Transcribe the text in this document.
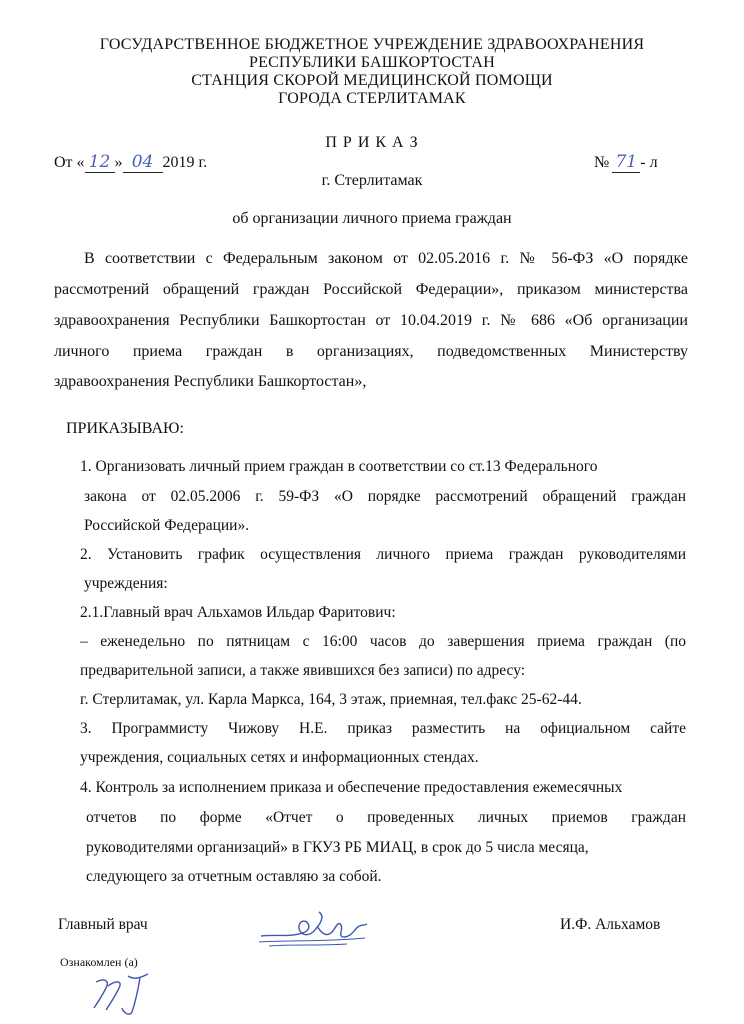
ГОСУДАРСТВЕННОЕ БЮДЖЕТНОЕ УЧРЕЖДЕНИЕ ЗДРАВООХРАНЕНИЯ
РЕСПУБЛИКИ БАШКОРТОСТАН
СТАНЦИЯ СКОРОЙ МЕДИЦИНСКОЙ ПОМОЩИ
ГОРОДА СТЕРЛИТАМАК
П Р И К А З
От « 12 » 04 2019 г.	№ 71 - л
г. Стерлитамак
об организации личного приема граждан
В соответствии с Федеральным законом от 02.05.2016 г. № 56-ФЗ «О порядке
рассмотрений обращений граждан Российской Федерации», приказом министерства
здравоохранения Республики Башкортостан от 10.04.2019 г. № 686 «Об организации
личного приема граждан в организациях, подведомственных Министерству
здравоохранения Республики Башкортостан»,
ПРИКАЗЫВАЮ:
1. Организовать личный прием граждан в соответствии со ст.13 Федерального
закона от 02.05.2006 г. 59-ФЗ «О порядке рассмотрений обращений граждан
Российской Федерации».
2. Установить график осуществления личного приема граждан руководителями
учреждения:
2.1.Главный врач Альхамов Ильдар Фаритович:
– еженедельно по пятницам с 16:00 часов до завершения приема граждан (по
предварительной записи, а также явившихся без записи) по адресу:
г. Стерлитамак, ул. Карла Маркса, 164, 3 этаж, приемная, тел.факс 25-62-44.
3. Программисту Чижову Н.Е. приказ разместить на официальном сайте
учреждения, социальных сетях и информационных стендах.
4. Контроль за исполнением приказа и обеспечение предоставления ежемесячных
отчетов по форме «Отчет о проведенных личных приемов граждан
руководителями организаций» в ГКУЗ РБ МИАЦ, в срок до 5 числа месяца,
следующего за отчетным оставляю за собой.
Главный врач	И.Ф. Альхамов
Ознакомлен (а)
